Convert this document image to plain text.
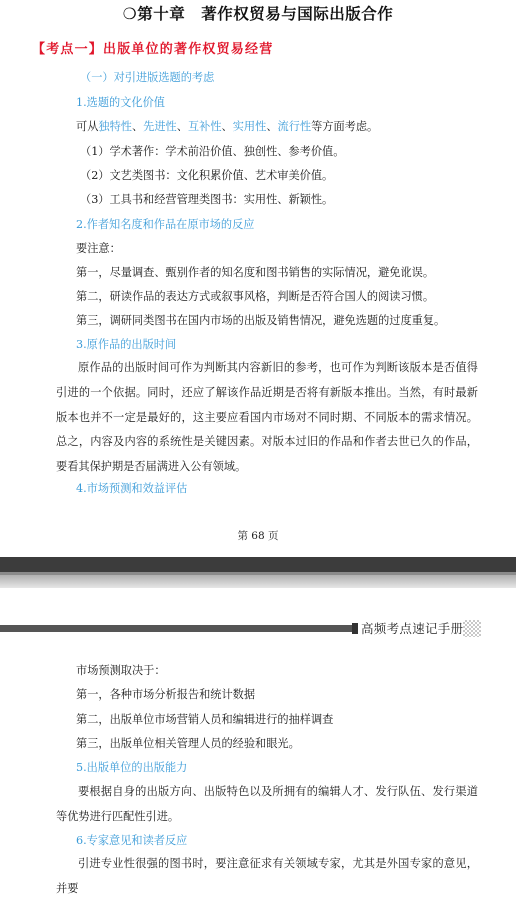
❍第十章　著作权贸易与国际出版合作
【考点一】出版单位的著作权贸易经营
（一）对引进版选题的考虑
1.选题的文化价值
可从独特性、先进性、互补性、实用性、流行性等方面考虑。
（1）学术著作：学术前沿价值、独创性、参考价值。
（2）文艺类图书：文化积累价值、艺术审美价值。
（3）工具书和经营管理类图书：实用性、新颖性。
2.作者知名度和作品在原市场的反应
要注意：
第一，尽量调查、甄别作者的知名度和图书销售的实际情况，避免讹误。
第二，研读作品的表达方式或叙事风格，判断是否符合国人的阅读习惯。
第三，调研同类图书在国内市场的出版及销售情况，避免选题的过度重复。
3.原作品的出版时间
原作品的出版时间可作为判断其内容新旧的参考，也可作为判断该版本是否值得引进的一个依据。同时，还应了解该作品近期是否将有新版本推出。当然，有时最新版本也并不一定是最好的，这主要应看国内市场对不同时期、不同版本的需求情况。总之，内容及内容的系统性是关键因素。对版本过旧的作品和作者去世已久的作品，要看其保护期是否届满进入公有领域。
4.市场预测和效益评估
第 68 页
高频考点速记手册
市场预测取决于：
第一，各种市场分析报告和统计数据
第二，出版单位市场营销人员和编辑进行的抽样调查
第三，出版单位相关管理人员的经验和眼光。
5.出版单位的出版能力
要根据自身的出版方向、出版特色以及所拥有的编辑人才、发行队伍、发行渠道等优势进行匹配性引进。
6.专家意见和读者反应
引进专业性很强的图书时，要注意征求有关领域专家，尤其是外国专家的意见，并要
